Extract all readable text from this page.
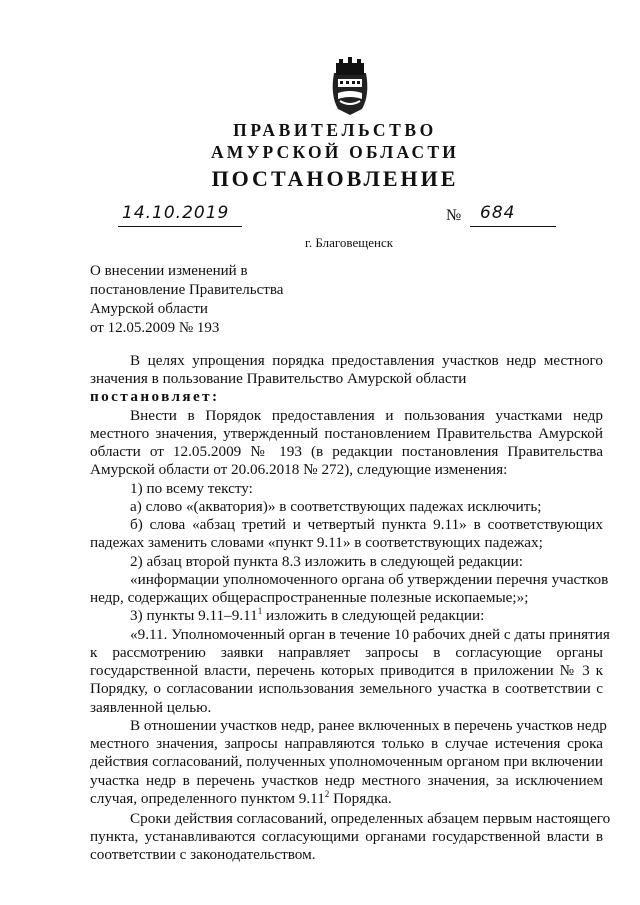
ПРАВИТЕЛЬСТВО
АМУРСКОЙ ОБЛАСТИ
ПОСТАНОВЛЕНИЕ
14.10.2019	№ 684
г. Благовещенск
О внесении изменений в
постановление Правительства
Амурской области
от 12.05.2009 № 193
В целях упрощения порядка предоставления участков недр местного
значения в пользование Правительство Амурской области
постановляет:
Внести в Порядок предоставления и пользования участками недр
местного значения, утвержденный постановлением Правительства Амурской
области от 12.05.2009 № 193 (в редакции постановления Правительства
Амурской области от 20.06.2018 № 272), следующие изменения:
1) по всему тексту:
а) слово «(акватория)» в соответствующих падежах исключить;
б) слова «абзац третий и четвертый пункта 9.11» в соответствующих
падежах заменить словами «пункт 9.11» в соответствующих падежах;
2) абзац второй пункта 8.3 изложить в следующей редакции:
«информации уполномоченного органа об утверждении перечня участков
недр, содержащих общераспространенные полезные ископаемые;»;
3) пункты 9.11–9.11$^1$ изложить в следующей редакции:
«9.11. Уполномоченный орган в течение 10 рабочих дней с даты принятия
к рассмотрению заявки направляет запросы в согласующие органы
государственной власти, перечень которых приводится в приложении № 3 к
Порядку, о согласовании использования земельного участка в соответствии с
заявленной целью.
В отношении участков недр, ранее включенных в перечень участков недр
местного значения, запросы направляются только в случае истечения срока
действия согласований, полученных уполномоченным органом при включении
участка недр в перечень участков недр местного значения, за исключением
случая, определенного пунктом 9.11$^2$ Порядка.
Сроки действия согласований, определенных абзацем первым настоящего
пункта, устанавливаются согласующими органами государственной власти в
соответствии с законодательством.
